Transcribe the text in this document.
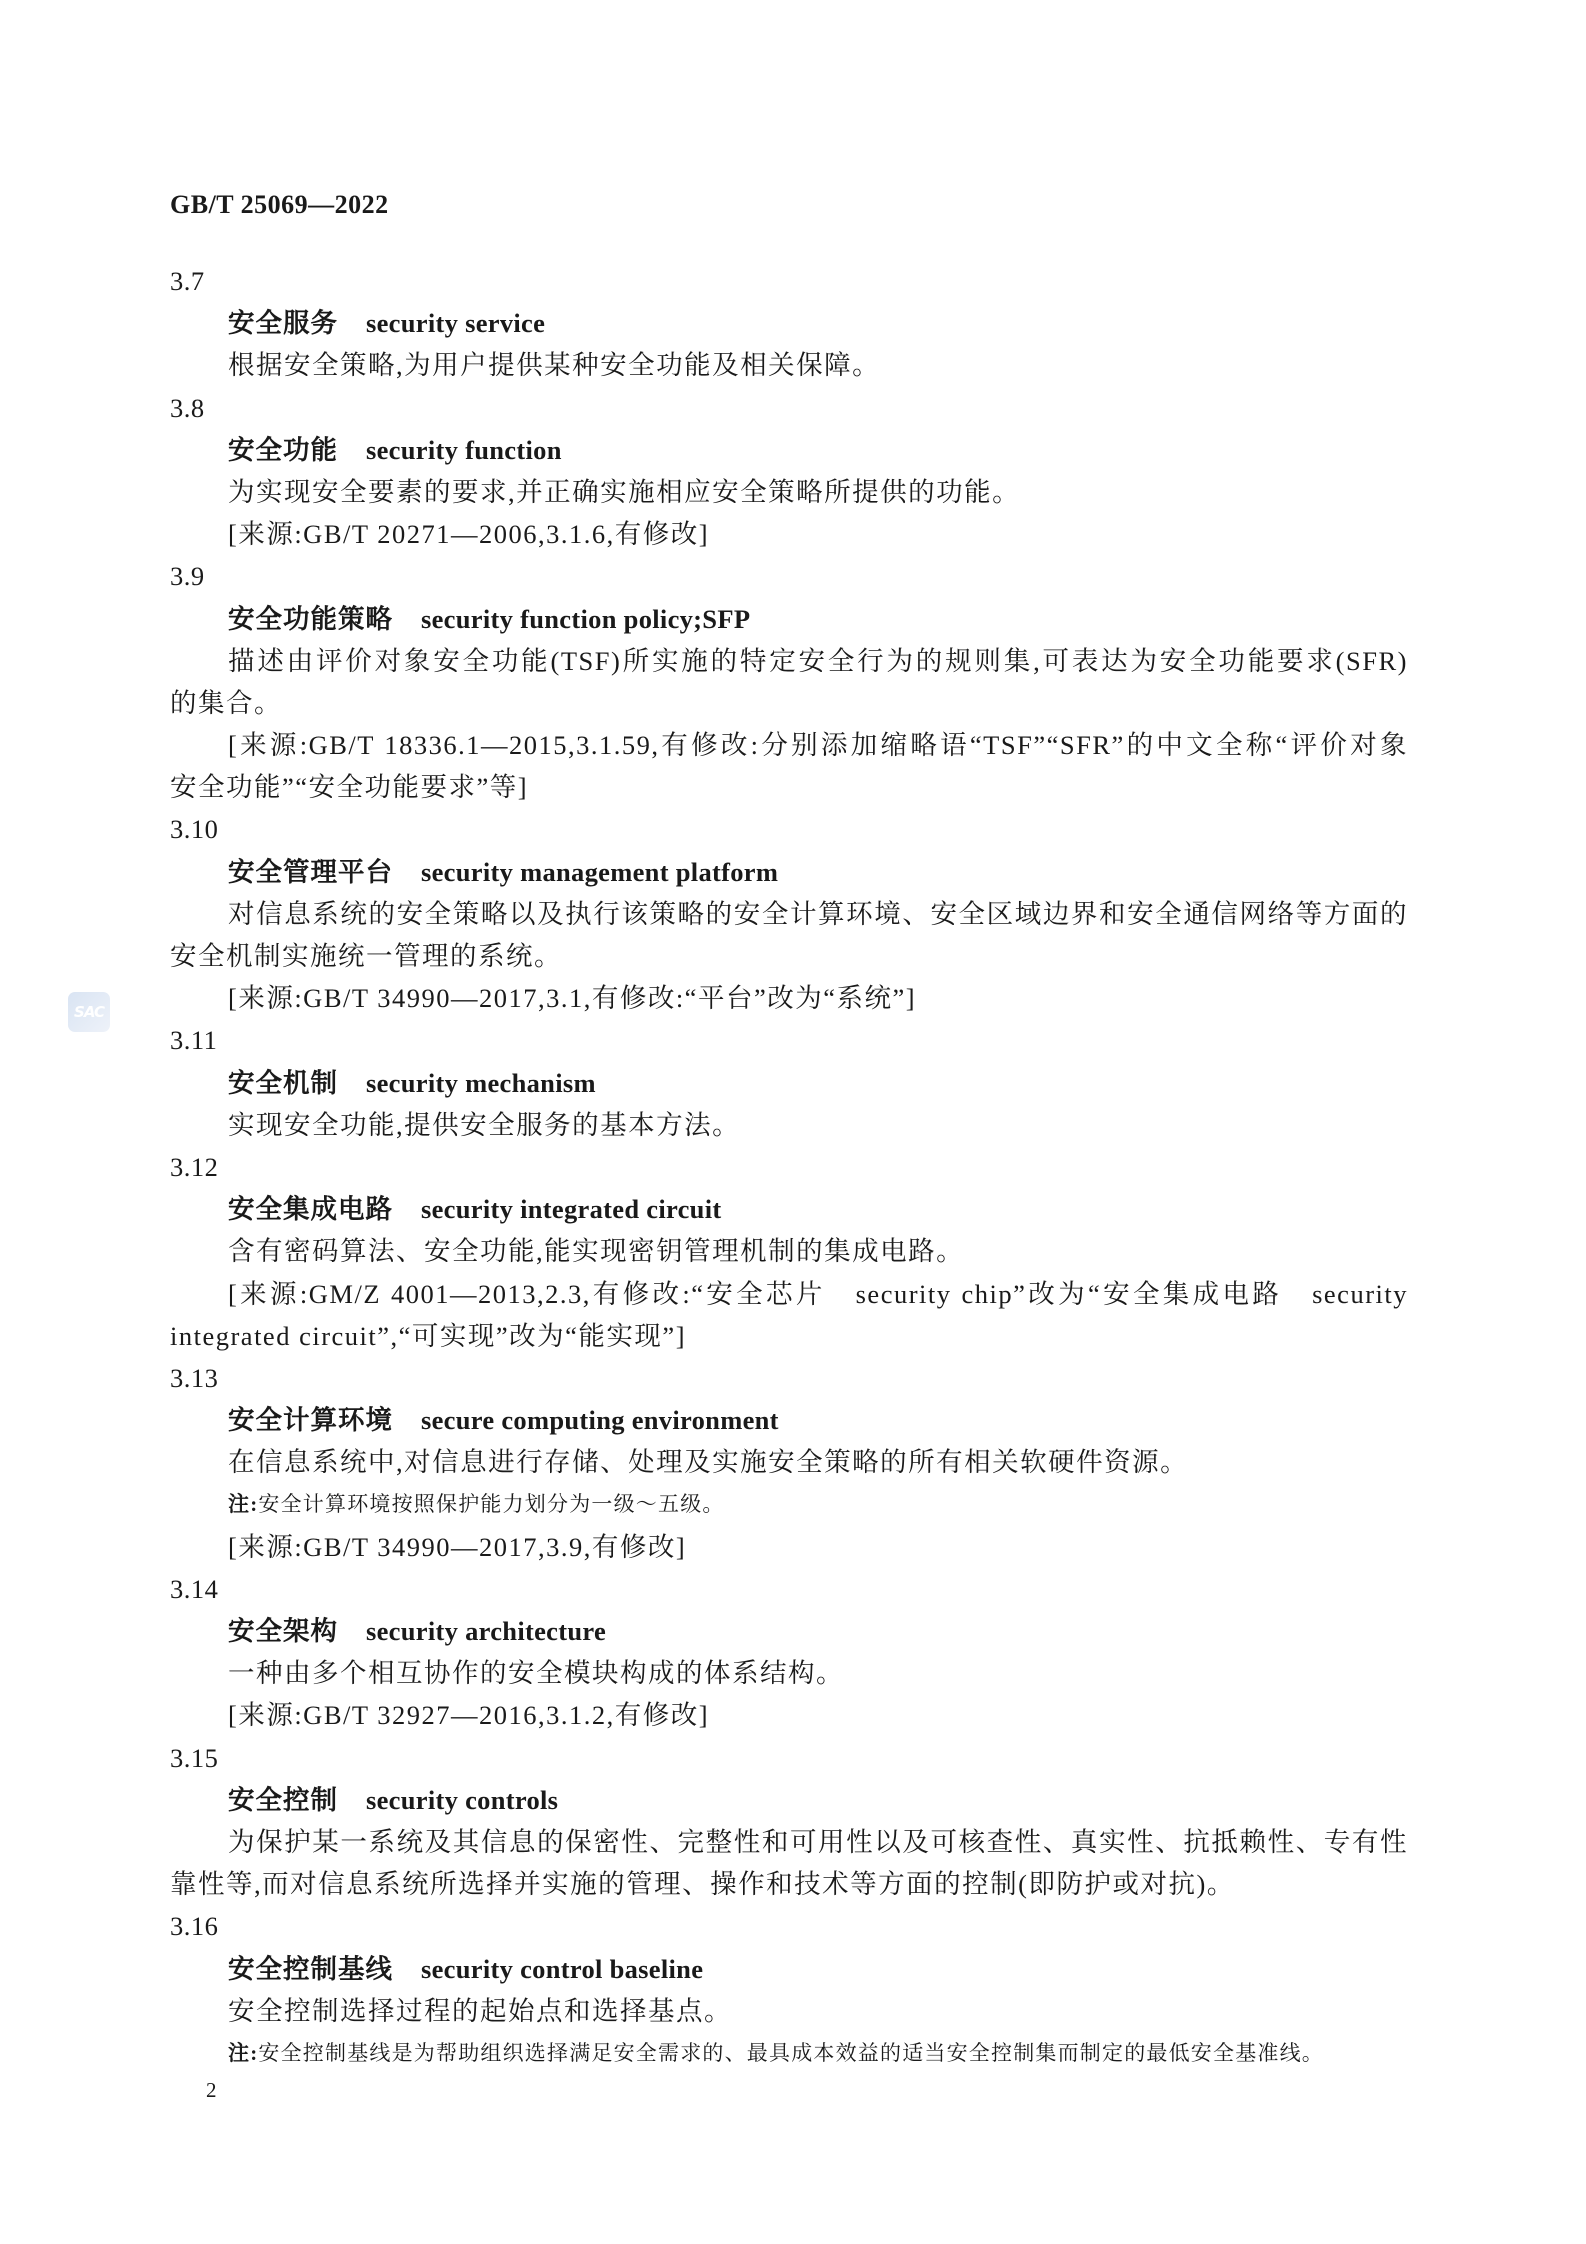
GB/T 25069—2022
SAC
3.7
安全服务 security service
根据安全策略,为用户提供某种安全功能及相关保障。
3.8
安全功能 security function
为实现安全要素的要求,并正确实施相应安全策略所提供的功能。
[来源:GB/T 20271—2006,3.1.6,有修改]
3.9
安全功能策略 security function policy;SFP
描述由评价对象安全功能(TSF)所实施的特定安全行为的规则集,可表达为安全功能要求(SFR)
的集合。
[来源:GB/T 18336.1—2015,3.1.59,有修改:分别添加缩略语“TSF”“SFR”的中文全称“评价对象
安全功能”“安全功能要求”等]
3.10
安全管理平台 security management platform
对信息系统的安全策略以及执行该策略的安全计算环境、安全区域边界和安全通信网络等方面的
安全机制实施统一管理的系统。
[来源:GB/T 34990—2017,3.1,有修改:“平台”改为“系统”]
3.11
安全机制 security mechanism
实现安全功能,提供安全服务的基本方法。
3.12
安全集成电路 security integrated circuit
含有密码算法、安全功能,能实现密钥管理机制的集成电路。
[来源:GM/Z 4001—2013,2.3,有修改:“安全芯片　security chip”改为“安全集成电路　security
integrated circuit”,“可实现”改为“能实现”]
3.13
安全计算环境 secure computing environment
在信息系统中,对信息进行存储、处理及实施安全策略的所有相关软硬件资源。
注:安全计算环境按照保护能力划分为一级～五级。
[来源:GB/T 34990—2017,3.9,有修改]
3.14
安全架构 security architecture
一种由多个相互协作的安全模块构成的体系结构。
[来源:GB/T 32927—2016,3.1.2,有修改]
3.15
安全控制 security controls
为保护某一系统及其信息的保密性、完整性和可用性以及可核查性、真实性、抗抵赖性、专有性
靠性等,而对信息系统所选择并实施的管理、操作和技术等方面的控制(即防护或对抗)。
3.16
安全控制基线 security control baseline
安全控制选择过程的起始点和选择基点。
注:安全控制基线是为帮助组织选择满足安全需求的、最具成本效益的适当安全控制集而制定的最低安全基准线。
2
